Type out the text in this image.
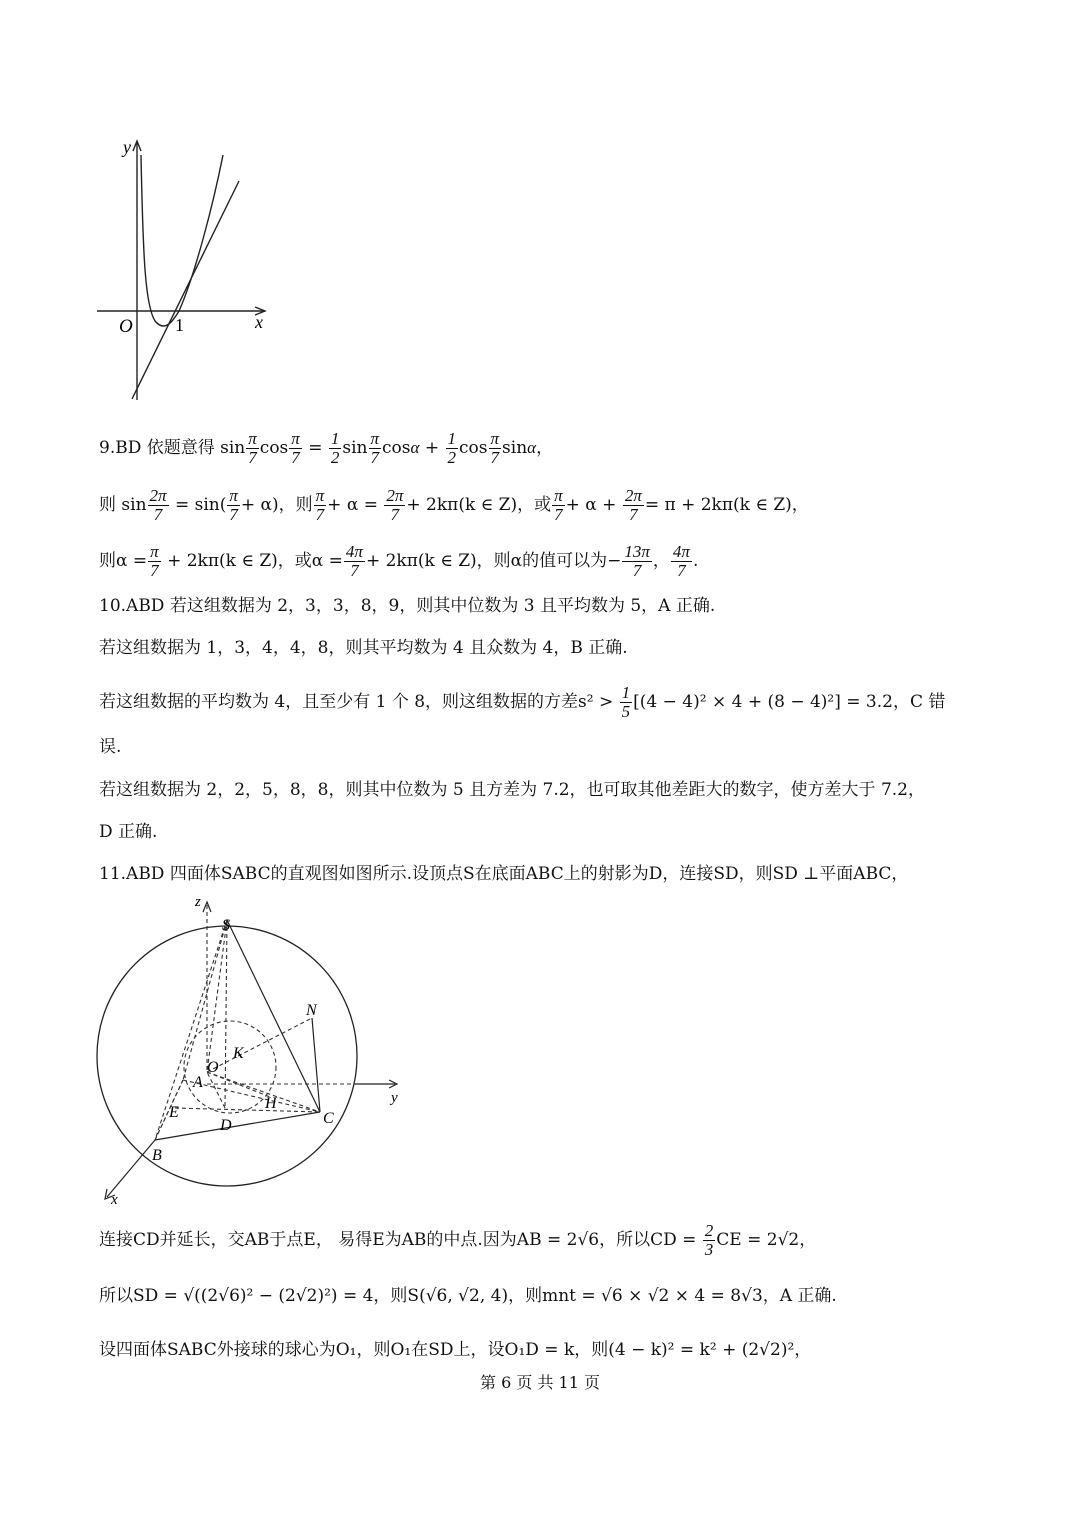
y
x
O 1
9.BD 依题意得 $\sin \frac{\pi}{7}$ $\cos \frac{\pi}{7} = \frac{1}{2}$ $\sin \frac{\pi}{7}$ $\cos\alpha + \frac{1}{2}$ $\cos \frac{\pi}{7}$ sinα，
则 $\sin \frac{2\pi}{7} = \sin( \frac{\pi}{7} + \alpha)$，则 $\frac{\pi}{7} + \alpha = \frac{2\pi}{7} + 2k\pi(k$ ∈ Z)，或 $\frac{\pi}{7} + \alpha + \frac{2\pi}{7} = \pi + 2k\pi(k$ ∈ Z)，
则$\alpha = \frac{\pi}{7} + 2k\pi(k$ ∈ Z)，或$\alpha = \frac{4\pi}{7} + 2k\pi(k$ ∈ Z)，则α的值可以为− $\frac{13\pi}{7}$ ， $\frac{4\pi}{7}$ .
10.ABD 若这组数据为 2，3，3，8，9，则其中位数为 3 且平均数为 5，A 正确.
若这组数据为 1，3，4，4，8，则其平均数为 4 且众数为 4，B 正确.
若这组数据的平均数为 4，且至少有 1 个 8，则这组数据的方差$s^2 > \frac{1}{5} [(4 - 4)^2 \times 4 + (8 - 4)^2] = 3.2$，C 错
误.
若这组数据为 2，2，5，8，8，则其中位数为 5 且方差为 7.2，也可取其他差距大的数字，使方差大于 7.2，
D 正确.
11.ABD 四面体SABC的直观图如图所示.设顶点S在底面ABC上的射影为D，连接SD，则SD ⊥平面ABC，
z
S
N
K
O
A
E
H
D	C
B
x
y
连接CD并延长，交AB于点E， 易得E为AB的中点.因为AB = 2√6，所以CD = $\frac{2}{3}$ CE = 2√2，
所以SD = √((2√6)² − (2√2)²) = 4，则S(√6, √2, 4)，则mnt = √6 × √2 × 4 = 8√3，A 正确.
设四面体SABC外接球的球心为O₁，则O₁在SD上，设O₁D = k，则(4 − k)² = k² + (2√2)²，
第 6 页 共 11 页
